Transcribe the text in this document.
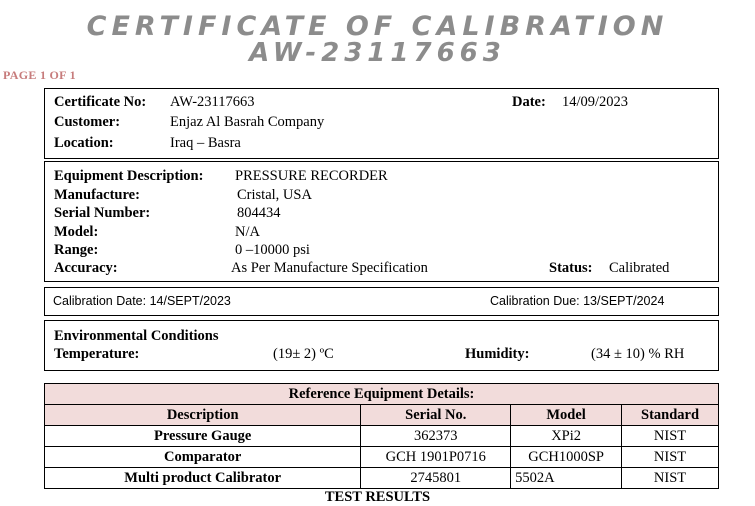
CERTIFICATE OF CALIBRATION
AW-23117663
PAGE 1 OF 1
Certificate No: AW-23117663	Date: 14/09/2023
Customer:	Enjaz Al Basrah Company
Location:	Iraq – Basra
Equipment Description: PRESSURE RECORDER
Manufacture:	Cristal, USA
Serial Number:	804434
Model:	N/A
Range:	0 –10000 psi
Accuracy:	As Per Manufacture Specification	Status: Calibrated
Calibration Date: 14/SEPT/2023	Calibration Due: 13/SEPT/2024
Environmental Conditions
Temperature:	(19± 2) ºC	Humidity:	(34 ± 10) % RH
Reference Equipment Details:			
Description	Serial No.	Model	Standard
Pressure Gauge	362373	XPi2	NIST
Comparator	GCH 1901P0716	GCH1000SP	NIST
Multi product Calibrator	2745801	5502A	NIST
TEST RESULTS
